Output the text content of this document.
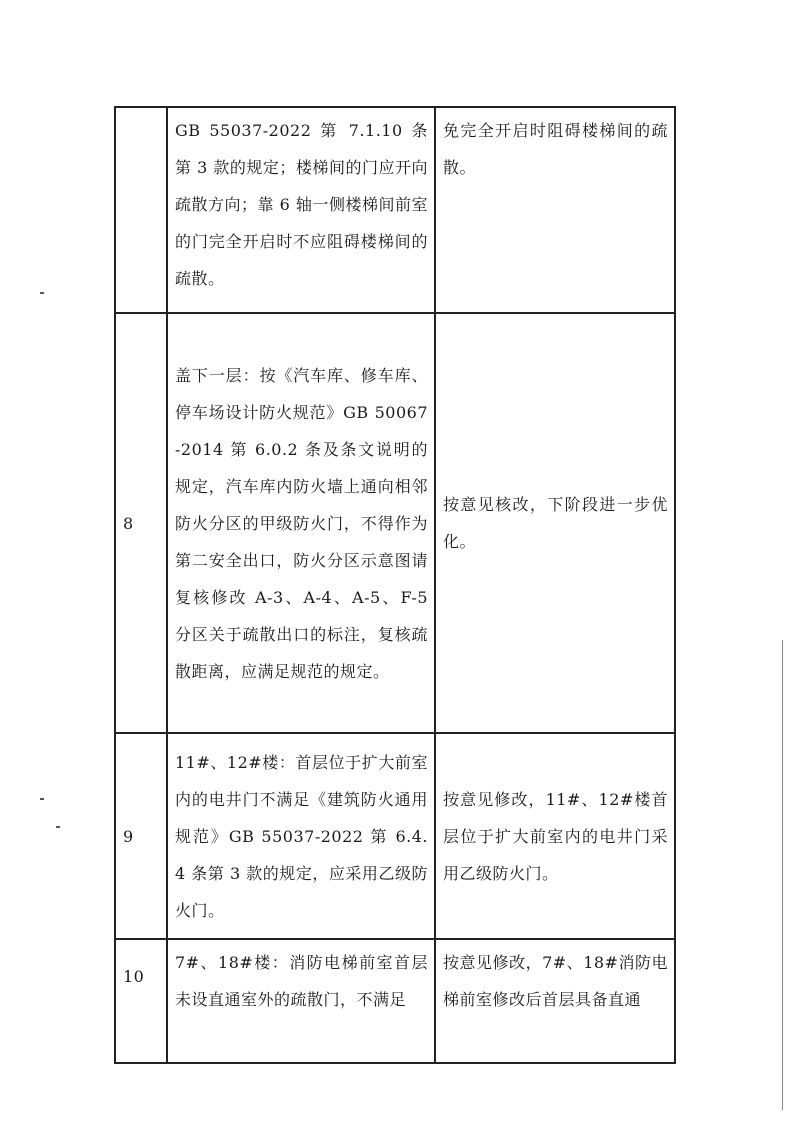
	GB 55037-2022 第 7.1.10 条第 3 款的规定；楼梯间的门应开向疏散方向；靠 6 轴一侧楼梯间前室的门完全开启时不应阻碍楼梯间的疏散。	免完全开启时阻碍楼梯间的疏散。
8	盖下一层：按《汽车库、修车库、停车场设计防火规范》GB 50067-2014 第 6.0.2 条及条文说明的规定，汽车库内防火墙上通向相邻防火分区的甲级防火门，不得作为第二安全出口，防火分区示意图请复核修改 A-3、A-4、A-5、F-5 分区关于疏散出口的标注，复核疏散距离，应满足规范的规定。	按意见核改，下阶段进一步优化。
9	11#、12#楼：首层位于扩大前室内的电井门不满足《建筑防火通用规范》GB 55037-2022 第 6.4.4 条第 3 款的规定，应采用乙级防火门。	按意见修改，11#、12#楼首层位于扩大前室内的电井门采用乙级防火门。
10	7#、18#楼：消防电梯前室首层未设直通室外的疏散门，不满足	按意见修改，7#、18#消防电梯前室修改后首层具备直通
